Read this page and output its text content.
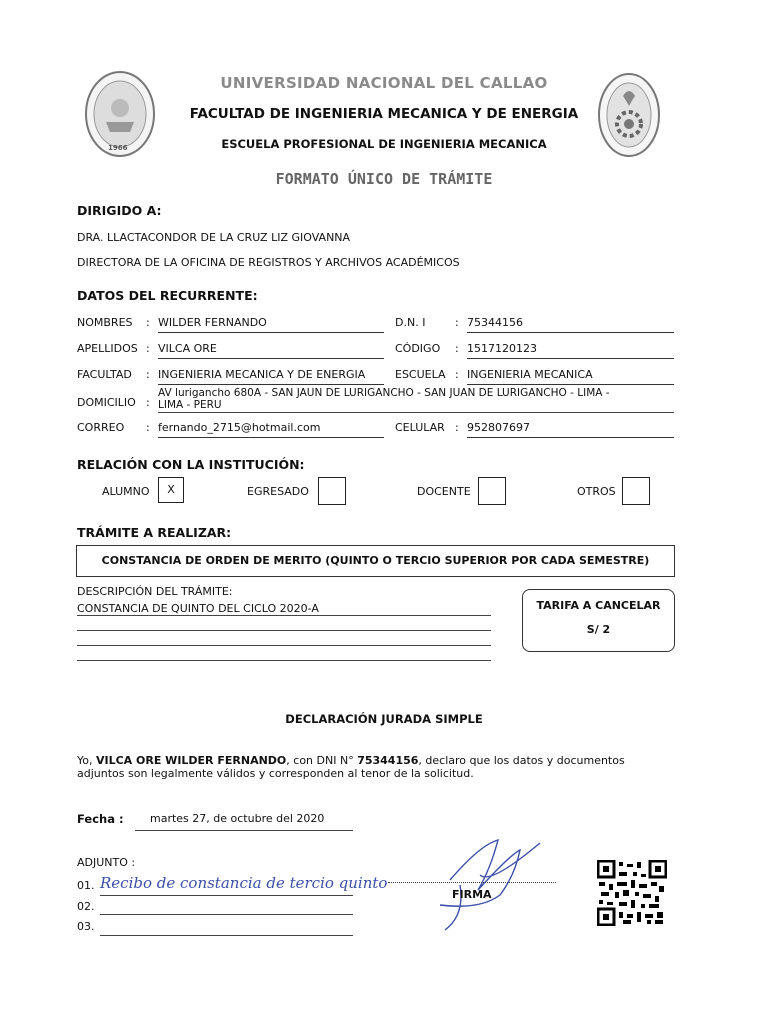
1966
UNIVERSIDAD NACIONAL DEL CALLAO
FACULTAD DE INGENIERIA MECANICA Y DE ENERGIA
ESCUELA PROFESIONAL DE INGENIERIA MECANICA
FORMATO ÚNICO DE TRÁMITE
DIRIGIDO A:
DRA. LLACTACONDOR DE LA CRUZ LIZ GIOVANNA
DIRECTORA DE LA OFICINA DE REGISTROS Y ARCHIVOS ACADÉMICOS
DATOS DEL RECURRENTE:
NOMBRES : WILDER FERNANDO	D.N. I	: 75344156
APELLIDOS : VILCA ORE	CÓDIGO : 1517120123
FACULTAD : INGENIERIA MECANICA Y DE ENERGIA	ESCUELA : INGENIERIA MECANICA
DOMICILIO :
AV lurigancho 680A - SAN JAUN DE LURIGANCHO - SAN JUAN DE LURIGANCHO - LIMA -
LIMA - PERU
CORREO : fernando_2715@hotmail.com	CELULAR : 952807697
RELACIÓN CON LA INSTITUCIÓN:
ALUMNO	X	EGRESADO	DOCENTE	OTROS
TRÁMITE A REALIZAR:
CONSTANCIA DE ORDEN DE MERITO (QUINTO O TERCIO SUPERIOR POR CADA SEMESTRE)
DESCRIPCIÓN DEL TRÁMITE:
CONSTANCIA DE QUINTO DEL CICLO 2020-A	TARIFA A CANCELAR
S/ 2
DECLARACIÓN JURADA SIMPLE
Yo, VILCA ORE WILDER FERNANDO, con DNI N° 75344156, declaro que los datos y documentos
adjuntos son legalmente válidos y corresponden al tenor de la solicitud.
Fecha : martes 27, de octubre del 2020
ADJUNTO :
01. Recibo de constancia de tercio quinto
02.
03.
FIRMA
